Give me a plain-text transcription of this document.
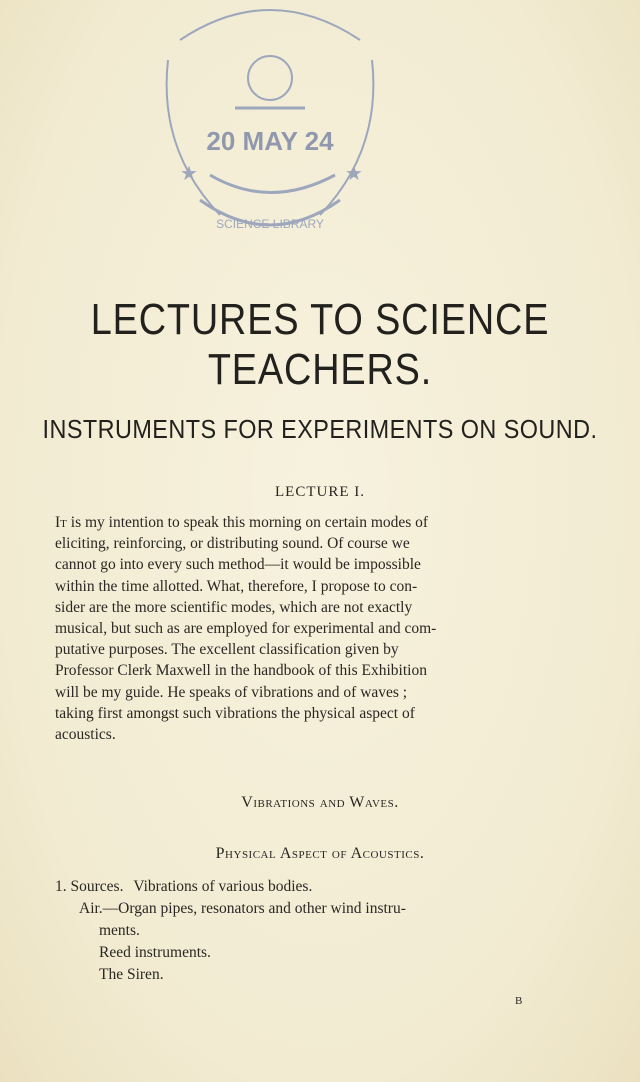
20 MAY 24
SCIENCE LIBRARY
★	★
LECTURES TO SCIENCE TEACHERS.
INSTRUMENTS FOR EXPERIMENTS ON SOUND.
LECTURE I.
It is my intention to speak this morning on certain modes of
eliciting, reinforcing, or distributing sound. Of course we
cannot go into every such method—it would be impossible
within the time allotted. What, therefore, I propose to con-
sider are the more scientific modes, which are not exactly
musical, but such as are employed for experimental and com-
putative purposes. The excellent classification given by
Professor Clerk Maxwell in the handbook of this Exhibition
will be my guide. He speaks of vibrations and of waves ;
taking first amongst such vibrations the physical aspect of
acoustics.
Vibrations and Waves.
Physical Aspect of Acoustics.
1. Sources. Vibrations of various bodies.
Air.—Organ pipes, resonators and other wind instru-
ments.
Reed instruments.
The Siren.
B
